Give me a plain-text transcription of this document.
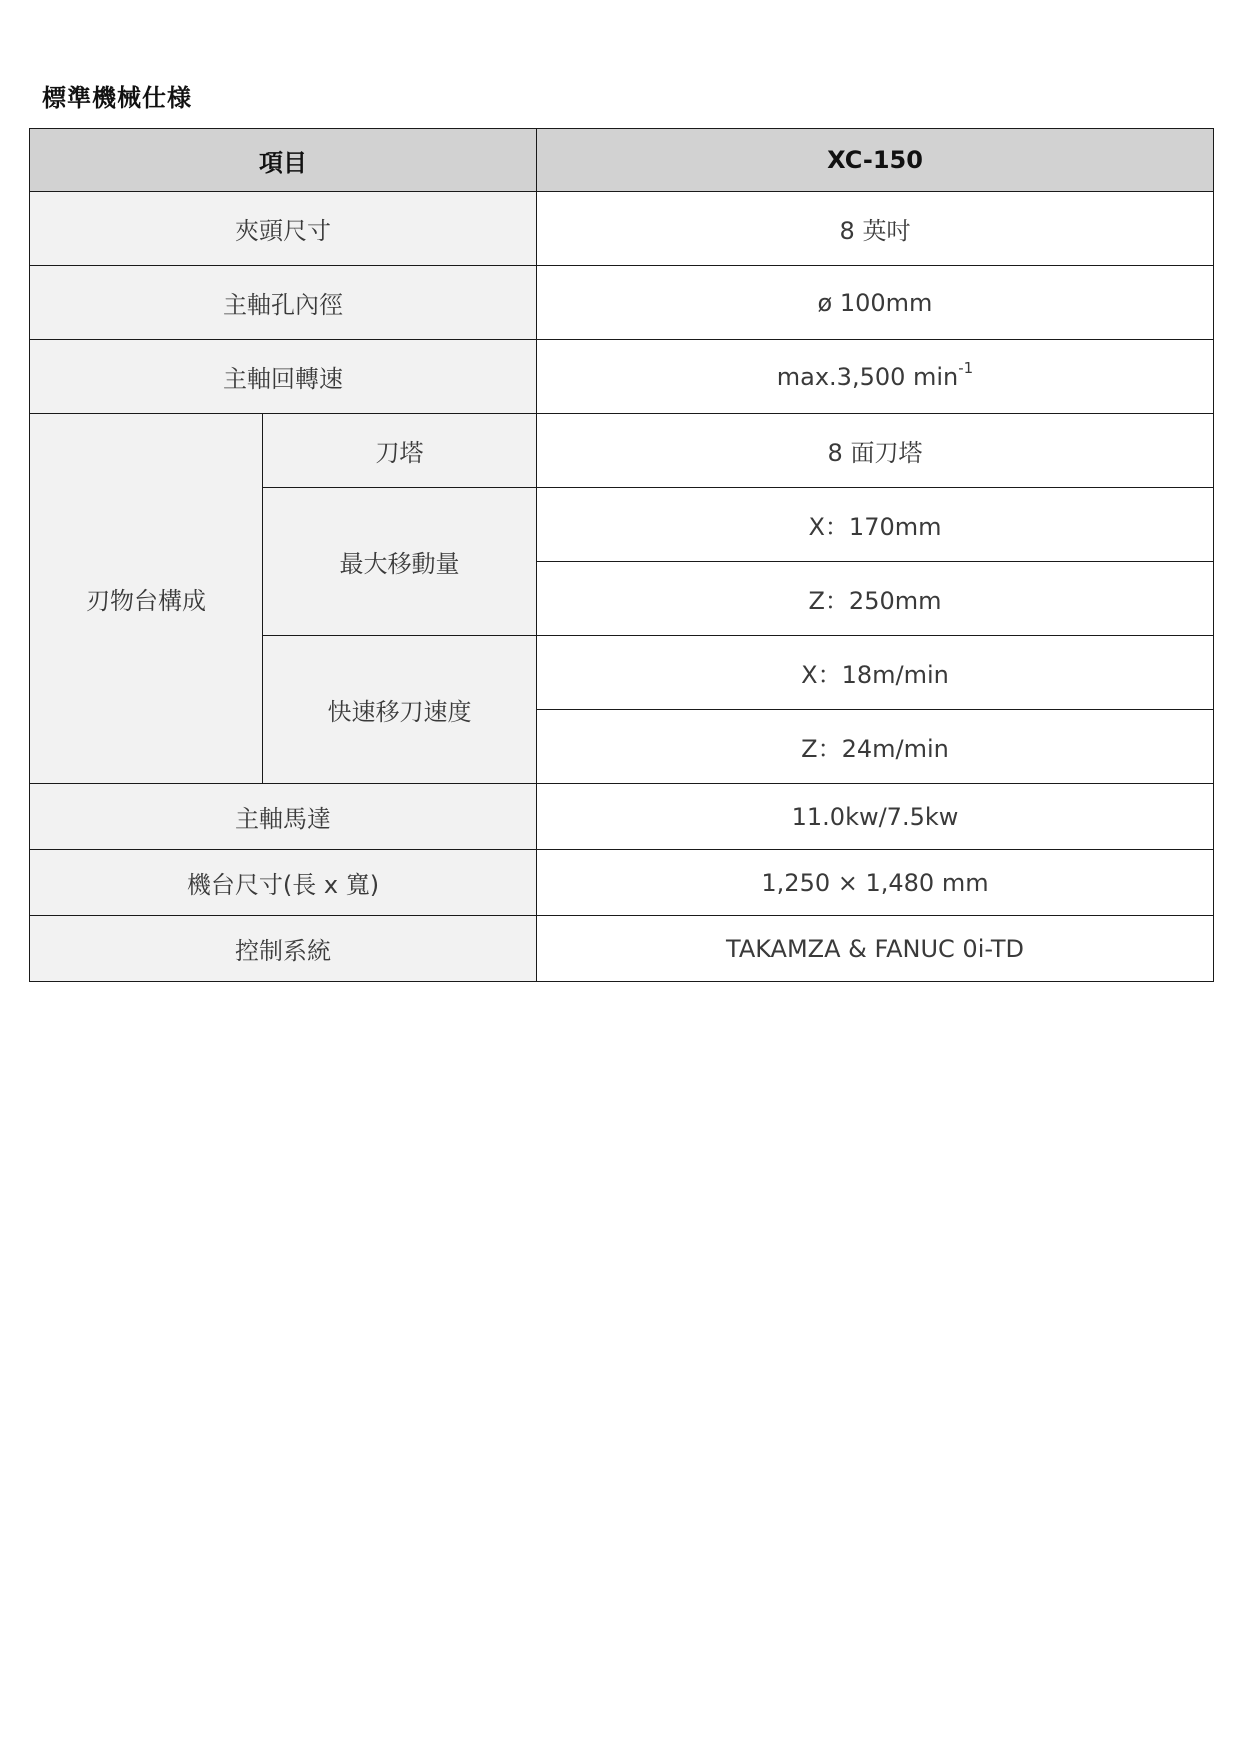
標準機械仕様
項目		XC-150
夾頭尺寸		8 英吋
主軸孔內徑		ø 100mm
主軸回轉速		max.3,500 $\min^{-1}$
刃物台構成	刀塔	8 面刀塔
	最大移動量	X：170mm
		Z：250mm
	快速移刀速度	X：18m/min
		Z：24m/min
主軸馬達		11.0kw/7.5kw
機台尺寸(長 x 寬)		1,250 × 1,480 mm
控制系統		TAKAMZA & FANUC 0i-TD
